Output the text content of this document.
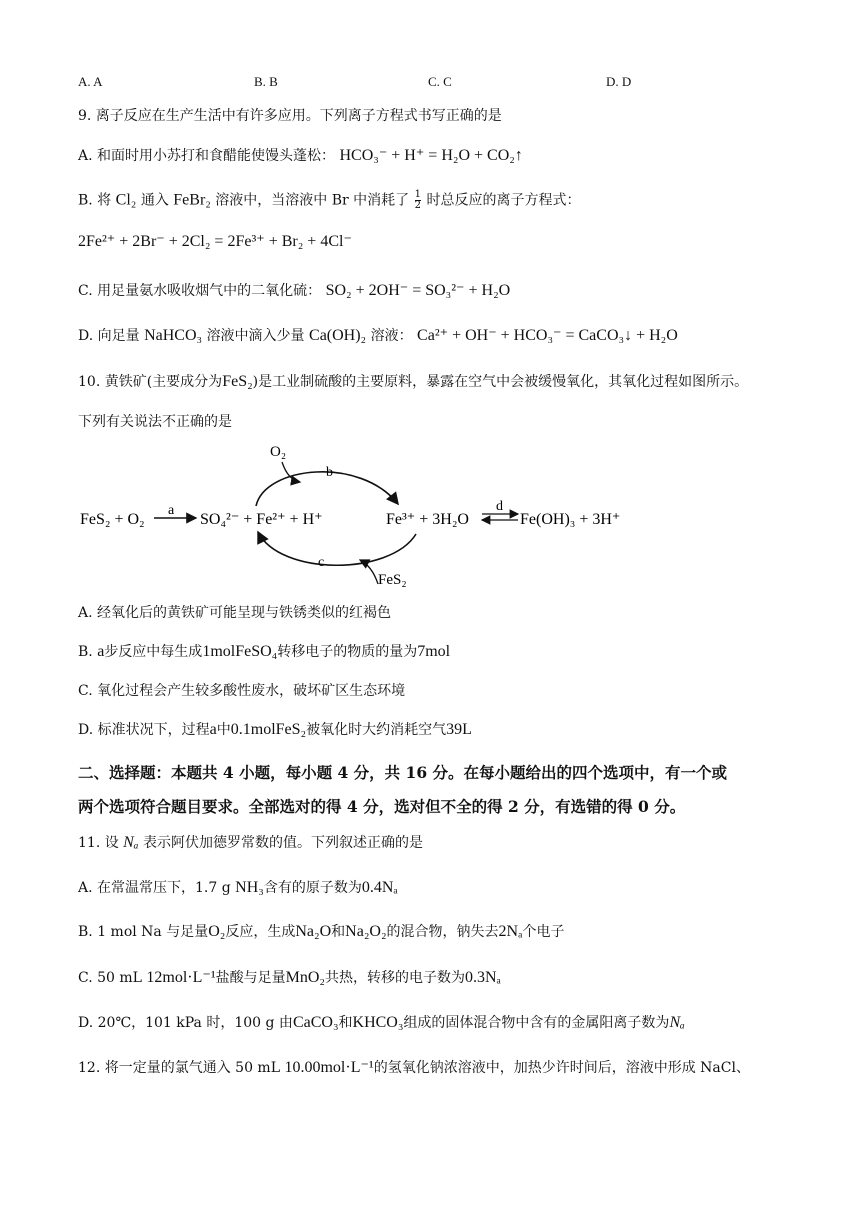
A. A	B. B	C. C	D. D
9. 离子反应在生产生活中有许多应用。下列离子方程式书写正确的是
A. 和面时用小苏打和食醋能使馒头蓬松： HCO₃⁻ + H⁺ = H₂O + CO₂↑
B. 将 Cl₂ 通入 FeBr₂ 溶液中，当溶液中 Br 中消耗了 $\frac{1}{2}$ 时总反应的离子方程式：
2Fe²⁺ + 2Br⁻ + 2Cl₂ = 2Fe³⁺ + Br₂ + 4Cl⁻
C. 用足量氨水吸收烟气中的二氧化硫： SO₂ + 2OH⁻ = SO₃²⁻ + H₂O
D. 向足量 NaHCO₃ 溶液中滴入少量 Ca(OH)₂ 溶液： Ca²⁺ + OH⁻ + HCO₃⁻ = CaCO₃↓ + H₂O
10. 黄铁矿(主要成分为FeS₂)是工业制硫酸的主要原料，暴露在空气中会被缓慢氧化，其氧化过程如图所示。
下列有关说法不正确的是
FeS₂ + O₂
a
SO₄²⁻ + Fe²⁺ + H⁺
O₂
b
Fe³⁺ + 3H₂O
d
Fe(OH)₃ + 3H⁺
c
FeS₂
A. 经氧化后的黄铁矿可能呈现与铁锈类似的红褐色
B. a步反应中每生成1molFeSO₄转移电子的物质的量为7mol
C. 氧化过程会产生较多酸性废水，破坏矿区生态环境
D. 标准状况下，过程a中0.1molFeS₂被氧化时大约消耗空气39L
二、选择题：本题共 4 小题，每小题 4 分，共 16 分。在每小题给出的四个选项中，有一个或
两个选项符合题目要求。全部选对的得 4 分，选对但不全的得 2 分，有选错的得 0 分。
11. 设 Nₐ 表示阿伏加德罗常数的值。下列叙述正确的是
A. 在常温常压下，1.7 g NH₃含有的原子数为0.4Nₐ
B. 1 mol Na 与足量O₂反应，生成Na₂O和Na₂O₂的混合物，钠失去2Nₐ个电子
C. 50 mL 12mol·L⁻¹盐酸与足量MnO₂共热，转移的电子数为0.3Nₐ
D. 20℃，101 kPa 时，100 g 由CaCO₃和KHCO₃组成的固体混合物中含有的金属阳离子数为Nₐ
12. 将一定量的氯气通入 50 mL 10.00mol·L⁻¹的氢氧化钠浓溶液中，加热少许时间后，溶液中形成 NaCl、
